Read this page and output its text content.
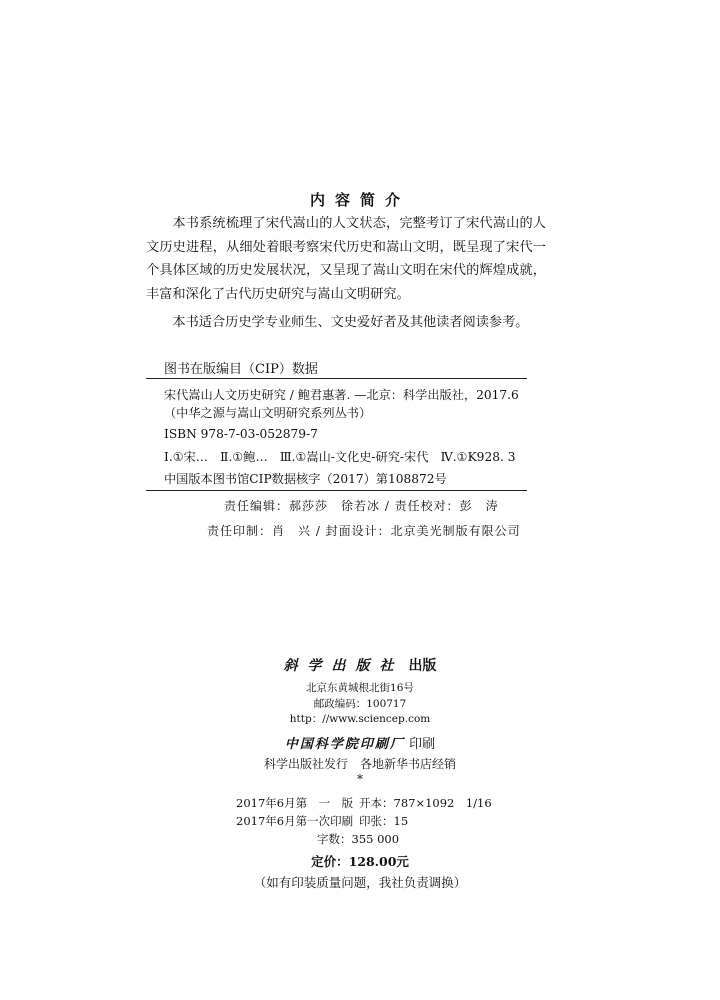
内容简介

本书系统梳理了宋代嵩山的人文状态，完整考订了宋代嵩山的人文历史进程，从细处着眼考察宋代历史和嵩山文明，既呈现了宋代一个具体区域的历史发展状况，又呈现了嵩山文明在宋代的辉煌成就，丰富和深化了古代历史研究与嵩山文明研究。

本书适合历史学专业师生、文史爱好者及其他读者阅读参考。

图书在版编目（CIP）数据
宋代嵩山人文历史研究 / 鲍君惠著. —北京：科学出版社，2017.6
（中华之源与嵩山文明研究系列丛书）
ISBN 978-7-03-052879-7
Ⅰ.①宋…　Ⅱ.①鲍…　Ⅲ.①嵩山-文化史-研究-宋代　Ⅳ.①K928. 3
中国版本图书馆CIP数据核字（2017）第108872号
责任编辑：郝莎莎　徐若冰 / 责任校对：彭　涛
责任印制：肖　兴 / 封面设计：北京美光制版有限公司
斜学出版社 出版
北京东黄城根北街16号
邮政编码：100717
http：//www.sciencep.com
中国科学院印刷厂 印刷
科学出版社发行　各地新华书店经销
*
2017年6月第　一　版 开本：787×1092　1/16
2017年6月第一次印刷 印张：15
字数：355 000
定价：128.00元
（如有印装质量问题，我社负责调换）
